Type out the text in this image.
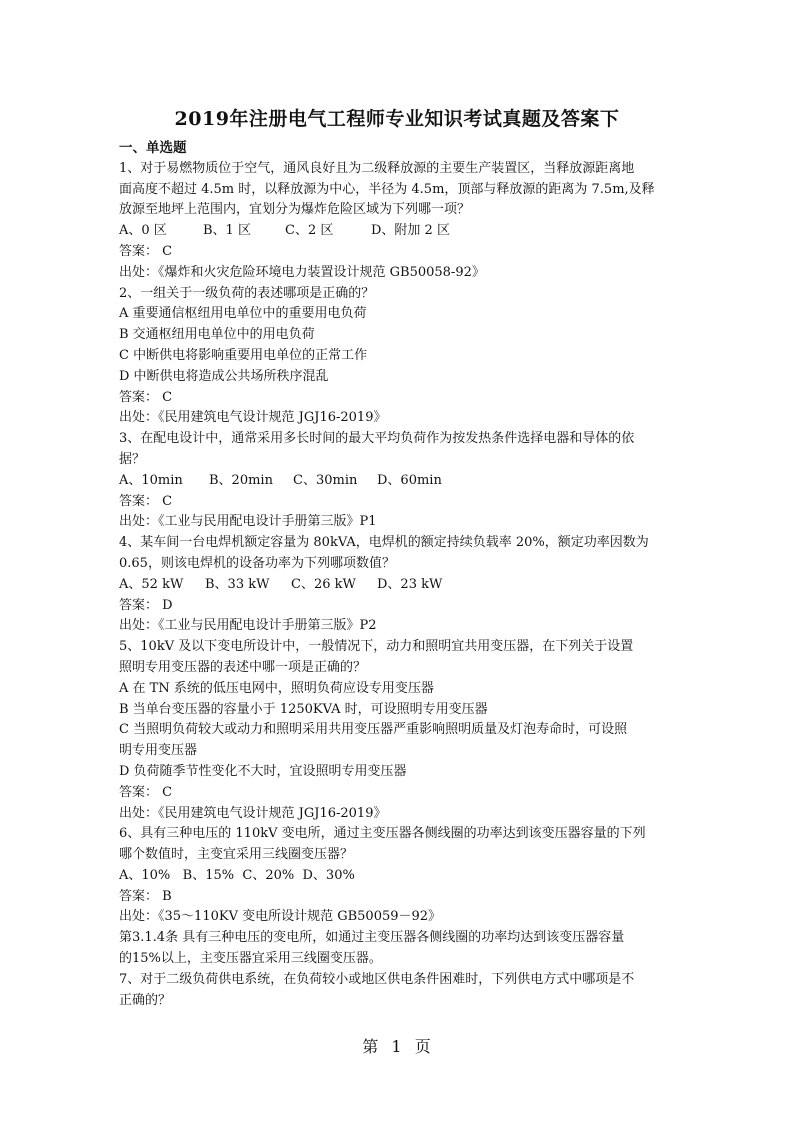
2019年注册电气工程师专业知识考试真题及答案下
一、单选题
1、对于易燃物质位于空气，通风良好且为二级释放源的主要生产装置区，当释放源距离地
面高度不超过 4.5m 时，以释放源为中心，半径为 4.5m，顶部与释放源的距离为 7.5m,及释
放源至地坪上范围内，宜划分为爆炸危险区域为下列哪一项？
A、0 区	B、1 区	C、2 区	D、附加 2 区
答案： C
出处：《爆炸和火灾危险环境电力装置设计规范 GB50058-92》
2、一组关于一级负荷的表述哪项是正确的？
A 重要通信枢纽用电单位中的重要用电负荷
B 交通枢纽用电单位中的用电负荷
C 中断供电将影响重要用电单位的正常工作
D 中断供电将造成公共场所秩序混乱
答案： C
出处：《民用建筑电气设计规范 JGJ16-2019》
3、在配电设计中，通常采用多长时间的最大平均负荷作为按发热条件选择电器和导体的依
据？
A、10min	B、20min	C、30min	D、60min
答案： C
出处：《工业与民用配电设计手册第三版》P1
4、某车间一台电焊机额定容量为 80kVA，电焊机的额定持续负载率 20%，额定功率因数为
0.65，则该电焊机的设备功率为下列哪项数值？
A、52 kW	B、33 kW	C、26 kW	D、23 kW
答案： D
出处：《工业与民用配电设计手册第三版》P2
5、10kV 及以下变电所设计中，一般情况下，动力和照明宜共用变压器，在下列关于设置
照明专用变压器的表述中哪一项是正确的？
A 在 TN 系统的低压电网中，照明负荷应设专用变压器
B 当单台变压器的容量小于 1250KVA 时，可设照明专用变压器
C 当照明负荷较大或动力和照明采用共用变压器严重影响照明质量及灯泡寿命时，可设照
明专用变压器
D 负荷随季节性变化不大时，宜设照明专用变压器
答案： C
出处：《民用建筑电气设计规范 JGJ16-2019》
6、具有三种电压的 110kV 变电所，通过主变压器各侧线圈的功率达到该变压器容量的下列
哪个数值时，主变宜采用三线圈变压器？
A、10%   B、15%  C、20%  D、30%
答案： B
出处：《35～110KV 变电所设计规范 GB50059－92》
第3.1.4条 具有三种电压的变电所，如通过主变压器各侧线圈的功率均达到该变压器容量
的15%以上，主变压器宜采用三线圈变压器。
7、对于二级负荷供电系统，在负荷较小或地区供电条件困难时，下列供电方式中哪项是不
正确的？
第  1  页
